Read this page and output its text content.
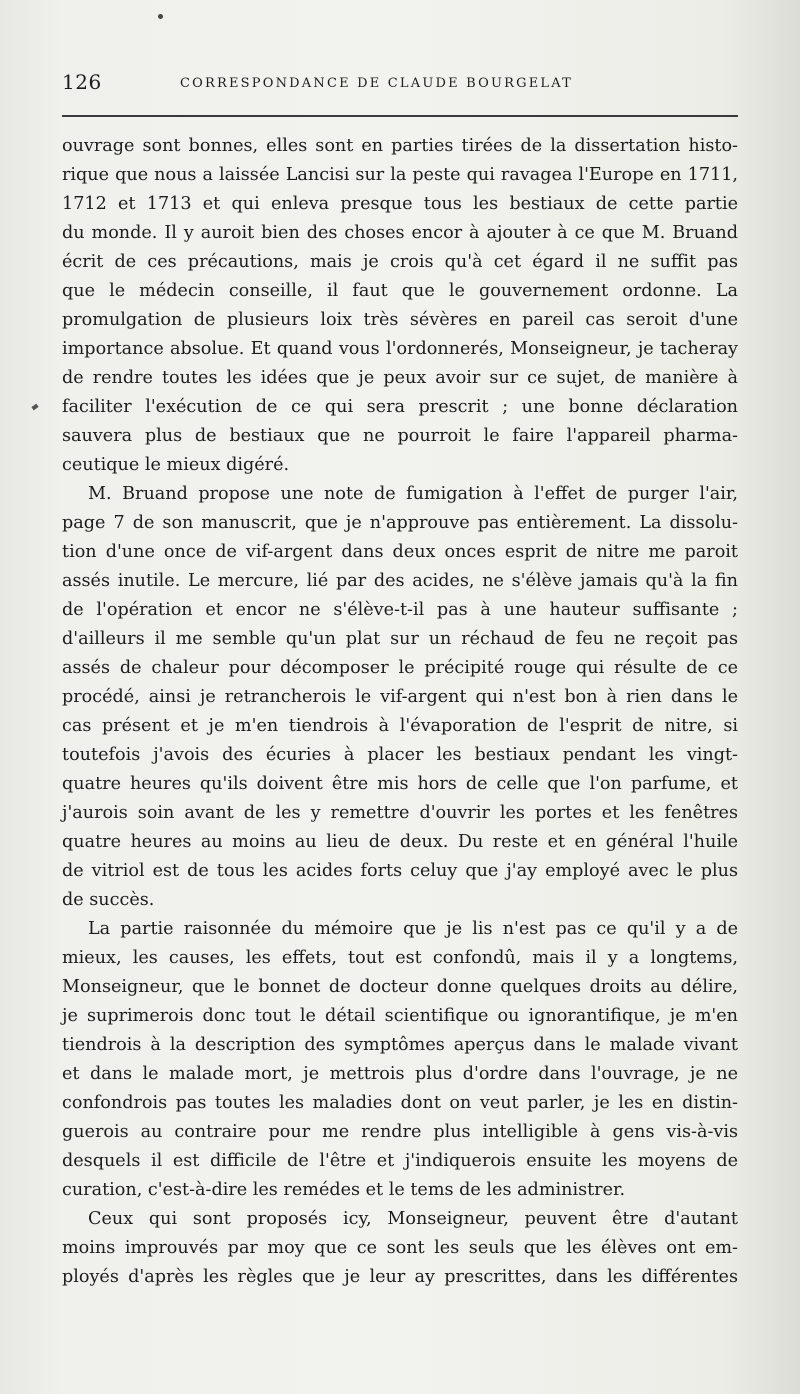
126	CORRESPONDANCE DE CLAUDE BOURGELAT
ouvrage sont bonnes, elles sont en parties tirées de la dissertation histo-
rique que nous a laissée Lancisi sur la peste qui ravagea l'Europe en 1711,
1712 et 1713 et qui enleva presque tous les bestiaux de cette partie
du monde. Il y auroit bien des choses encor à ajouter à ce que M. Bruand
écrit de ces précautions, mais je crois qu'à cet égard il ne suffit pas
que le médecin conseille, il faut que le gouvernement ordonne. La
promulgation de plusieurs loix très sévères en pareil cas seroit d'une
importance absolue. Et quand vous l'ordonnerés, Monseigneur, je tacheray
de rendre toutes les idées que je peux avoir sur ce sujet, de manière à
faciliter l'exécution de ce qui sera prescrit ; une bonne déclaration
sauvera plus de bestiaux que ne pourroit le faire l'appareil pharma-
ceutique le mieux digéré.
M. Bruand propose une note de fumigation à l'effet de purger l'air,
page 7 de son manuscrit, que je n'approuve pas entièrement. La dissolu-
tion d'une once de vif-argent dans deux onces esprit de nitre me paroit
assés inutile. Le mercure, lié par des acides, ne s'élève jamais qu'à la fin
de l'opération et encor ne s'élève-t-il pas à une hauteur suffisante ;
d'ailleurs il me semble qu'un plat sur un réchaud de feu ne reçoit pas
assés de chaleur pour décomposer le précipité rouge qui résulte de ce
procédé, ainsi je retrancherois le vif-argent qui n'est bon à rien dans le
cas présent et je m'en tiendrois à l'évaporation de l'esprit de nitre, si
toutefois j'avois des écuries à placer les bestiaux pendant les vingt-
quatre heures qu'ils doivent être mis hors de celle que l'on parfume, et
j'aurois soin avant de les y remettre d'ouvrir les portes et les fenêtres
quatre heures au moins au lieu de deux. Du reste et en général l'huile
de vitriol est de tous les acides forts celuy que j'ay employé avec le plus
de succès.
La partie raisonnée du mémoire que je lis n'est pas ce qu'il y a de
mieux, les causes, les effets, tout est confondû, mais il y a longtems,
Monseigneur, que le bonnet de docteur donne quelques droits au délire,
je suprimerois donc tout le détail scientifique ou ignorantifique, je m'en
tiendrois à la description des symptômes aperçus dans le malade vivant
et dans le malade mort, je mettrois plus d'ordre dans l'ouvrage, je ne
confondrois pas toutes les maladies dont on veut parler, je les en distin-
guerois au contraire pour me rendre plus intelligible à gens vis-à-vis
desquels il est difficile de l'être et j'indiquerois ensuite les moyens de
curation, c'est-à-dire les remédes et le tems de les administrer.
Ceux qui sont proposés icy, Monseigneur, peuvent être d'autant
moins improuvés par moy que ce sont les seuls que les élèves ont em-
ployés d'après les règles que je leur ay prescrittes, dans les différentes
